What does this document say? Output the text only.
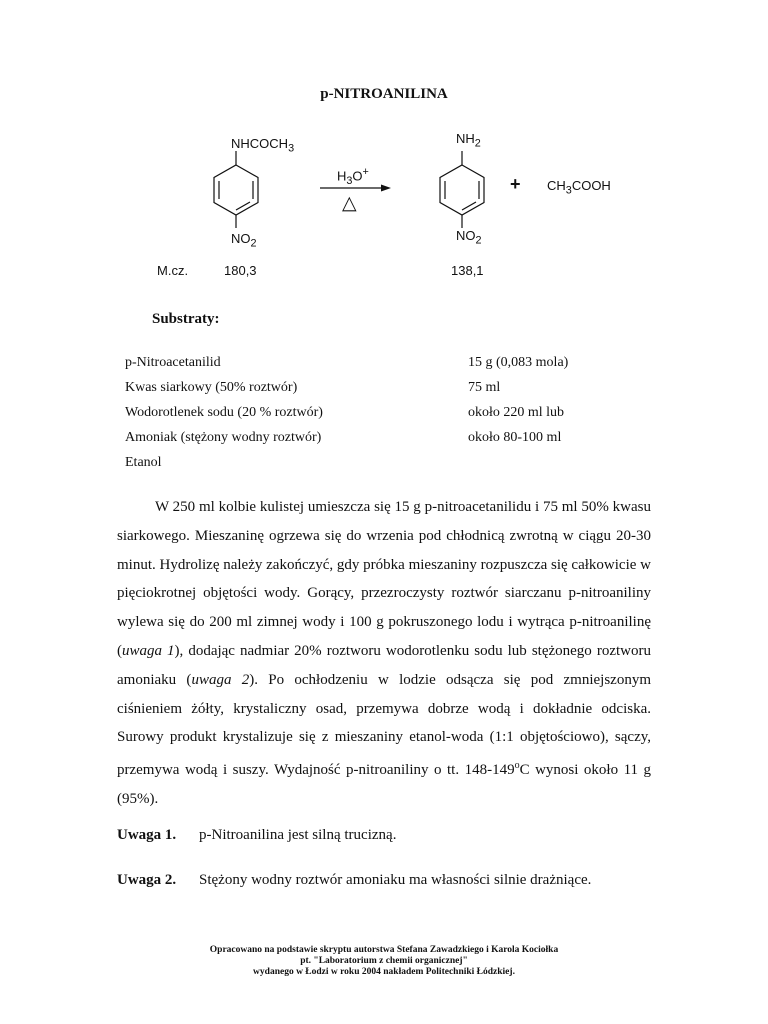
p-NITROANILINA
$NHCOCH_3$
$NO_2$
$H_3O^+$
△
$NH_2$
$NO_2$
+ $CH_3COOH$
M.cz.	180,3	138,1
Substraty:
p-Nitroacetanilid	15 g (0,083 mola)
Kwas siarkowy (50% roztwór)	75 ml
Wodorotlenek sodu (20 % roztwór)	około 220 ml lub
Amoniak (stężony wodny roztwór)	około 80-100 ml
Etanol
W 250 ml kolbie kulistej umieszcza się 15 g p-nitroacetanilidu i 75 ml 50% kwasu siarkowego. Mieszaninę ogrzewa się do wrzenia pod chłodnicą zwrotną w ciągu 20-30 minut. Hydrolizę należy zakończyć, gdy próbka mieszaniny rozpuszcza się całkowicie w pięciokrotnej objętości wody. Gorący, przezroczysty roztwór siarczanu p-nitroaniliny wylewa się do 200 ml zimnej wody i 100 g pokruszonego lodu i wytrąca p-nitroanilinę (uwaga 1), dodając nadmiar 20% roztworu wodorotlenku sodu lub stężonego roztworu amoniaku (uwaga 2). Po ochłodzeniu w lodzie odsącza się pod zmniejszonym ciśnieniem żółty, krystaliczny osad, przemywa dobrze wodą i dokładnie odciska. Surowy produkt krystalizuje się z mieszaniny etanol-woda (1:1 objętościowo), sączy, przemywa wodą i suszy. Wydajność p-nitroaniliny o tt. 148-149$^o$C wynosi około 11 g (95%).
Uwaga 1. p-Nitroanilina jest silną trucizną.
Uwaga 2. Stężony wodny roztwór amoniaku ma własności silnie drażniące.
Opracowano na podstawie skryptu autorstwa Stefana Zawadzkiego i Karola Kociołka
pt. "Laboratorium z chemii organicznej"
wydanego w Łodzi w roku 2004 nakładem Politechniki Łódzkiej.
